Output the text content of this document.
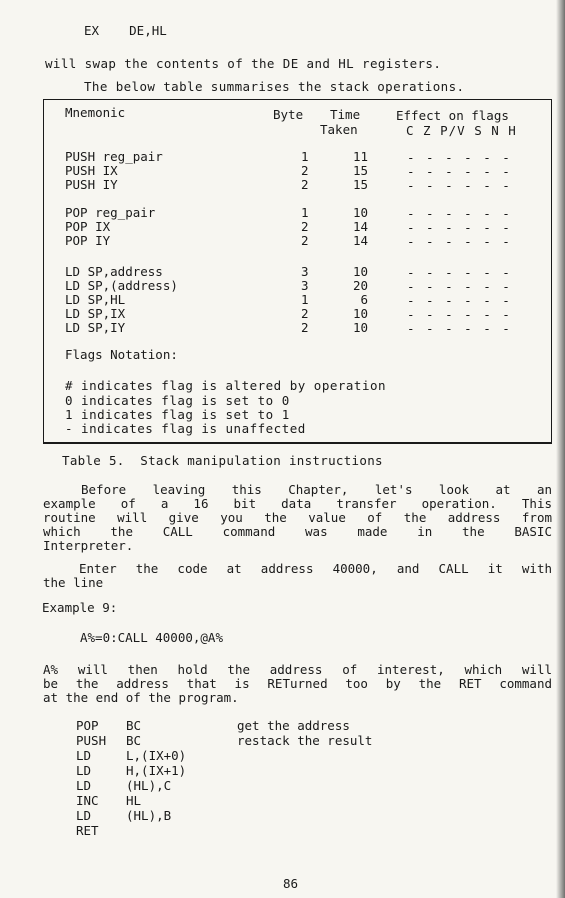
EX    DE,HL
will swap the contents of the DE and HL registers.
The below table summarises the stack operations.
Mnemonic	Byte Time
Taken
Effect on flags
C Z P/V S N H
PUSH reg_pair	1	11	- - - - - -
PUSH IX	2	15	- - - - - -
PUSH IY	2	15	- - - - - -
POP reg_pair	1	10	- - - - - -
POP IX	2	14	- - - - - -
POP IY	2	14	- - - - - -
LD SP,address	3	10	- - - - - -
LD SP,(address)	3	20	- - - - - -
LD SP,HL	1	6	- - - - - -
LD SP,IX	2	10	- - - - - -
LD SP,IY	2	10	- - - - - -
Flags Notation:
# indicates flag is altered by operation
0 indicates flag is set to 0
1 indicates flag is set to 1
- indicates flag is unaffected
Table 5.  Stack manipulation instructions
Before leaving this Chapter, let's look at an
example of a 16 bit data transfer operation. This
routine will give you the value of the address from
which the CALL command was made in the BASIC
Interpreter.
Enter the code at address 40000, and CALL it with
the line
Example 9:
A%=0:CALL 40000,@A%
A% will then hold the address of interest, which will
be the address that is RETurned too by the RET command
at the end of the program.
POP BC	get the address
PUSH BC	restack the result
LD	L,(IX+0)
LD	H,(IX+1)
LD	(HL),C
INC HL
LD	(HL),B
RET
86
